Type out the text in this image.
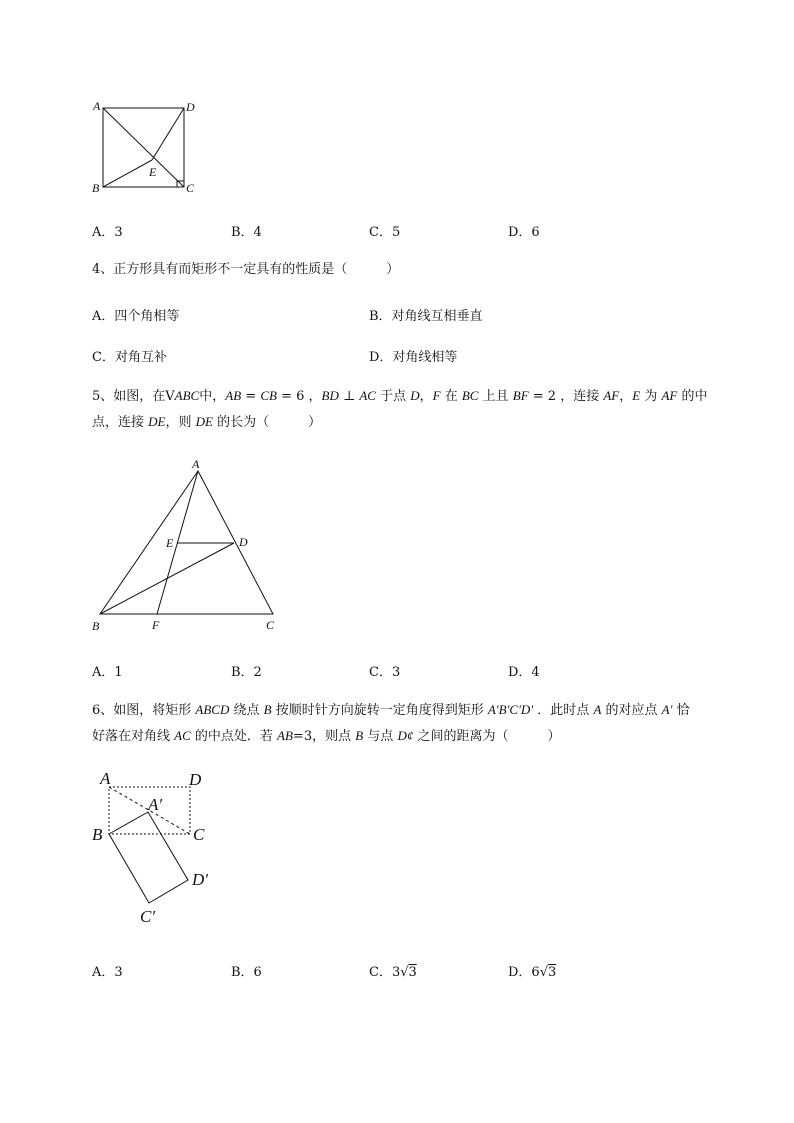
A	D
B	C
E
A．3	B．4	C．5	D．6
4、正方形具有而矩形不一定具有的性质是（　　　）
A．四个角相等	B．对角线互相垂直
C．对角互补	D．对角线相等
5、如图，在VABC中，AB = CB = 6 ，BD ⊥ AC 于点 D，F 在 BC 上且 BF = 2 ，连接 AF，E 为 AF 的中
点，连接 DE，则 DE 的长为（　　　）
A
E	D
B	F	C
A．1	B．2	C．3	D．4
6、如图，将矩形 ABCD 绕点 B 按顺时针方向旋转一定角度得到矩形 A′B′C′D′ ．此时点 A 的对应点 A′ 恰
好落在对角线 AC 的中点处．若 AB=3，则点 B 与点 D¢ 之间的距离为（　　　）
A	D
A′
B	C
D′
C′
A．3	B．6	C．3√3	D．6√3
